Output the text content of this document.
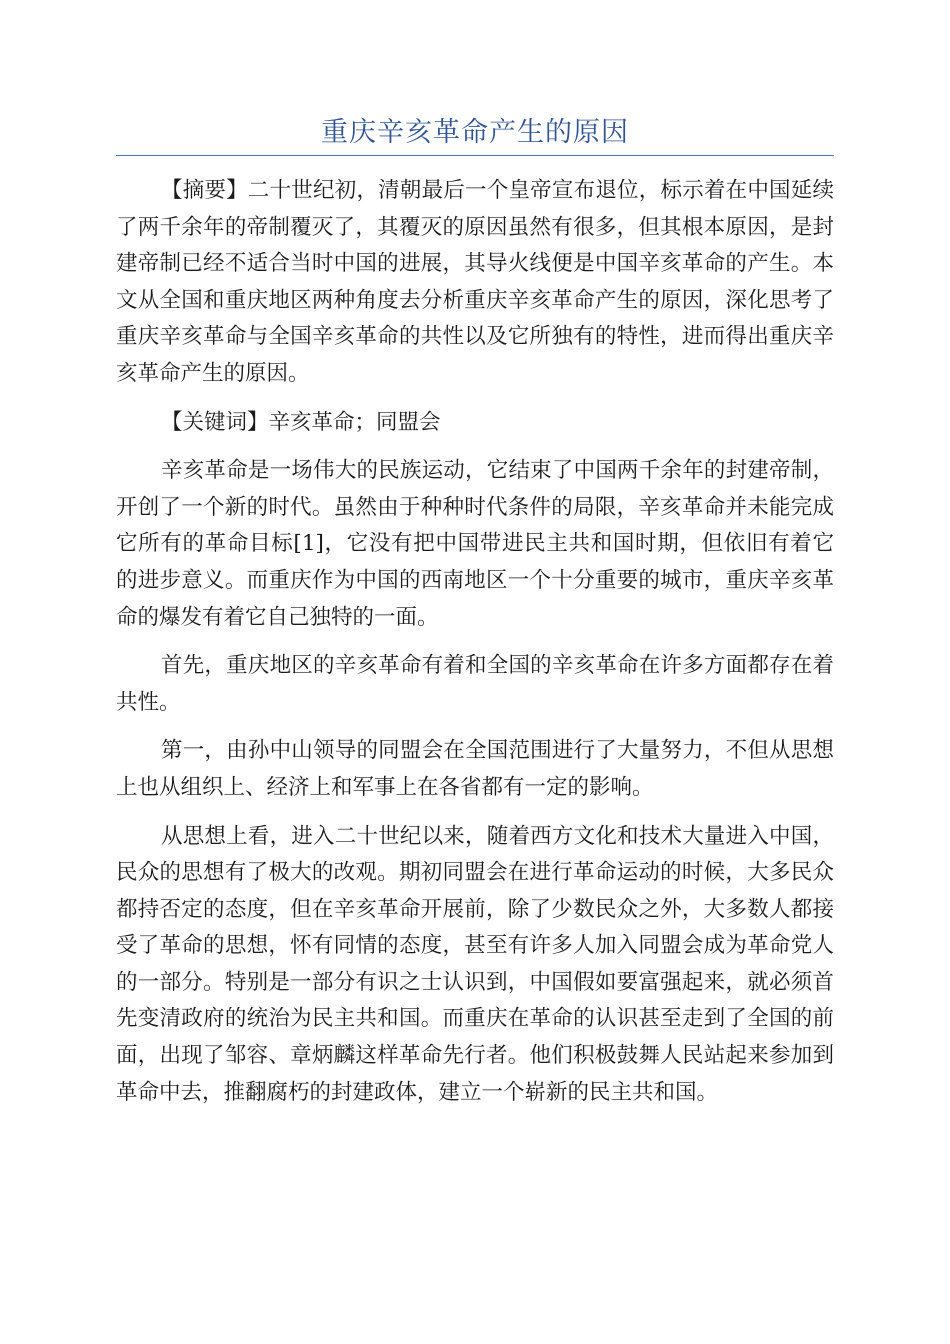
重庆辛亥革命产生的原因

【摘要】二十世纪初，清朝最后一个皇帝宣布退位，标示着在中国延续了两千余年的帝制覆灭了，其覆灭的原因虽然有很多，但其根本原因，是封建帝制已经不适合当时中国的进展，其导火线便是中国辛亥革命的产生。本文从全国和重庆地区两种角度去分析重庆辛亥革命产生的原因，深化思考了重庆辛亥革命与全国辛亥革命的共性以及它所独有的特性，进而得出重庆辛亥革命产生的原因。

【关键词】辛亥革命；同盟会

辛亥革命是一场伟大的民族运动，它结束了中国两千余年的封建帝制，开创了一个新的时代。虽然由于种种时代条件的局限，辛亥革命并未能完成它所有的革命目标[1]，它没有把中国带进民主共和国时期，但依旧有着它的进步意义。而重庆作为中国的西南地区一个十分重要的城市，重庆辛亥革命的爆发有着它自己独特的一面。

首先，重庆地区的辛亥革命有着和全国的辛亥革命在许多方面都存在着共性。

第一，由孙中山领导的同盟会在全国范围进行了大量努力，不但从思想上也从组织上、经济上和军事上在各省都有一定的影响。

从思想上看，进入二十世纪以来，随着西方文化和技术大量进入中国，民众的思想有了极大的改观。期初同盟会在进行革命运动的时候，大多民众都持否定的态度，但在辛亥革命开展前，除了少数民众之外，大多数人都接受了革命的思想，怀有同情的态度，甚至有许多人加入同盟会成为革命党人的一部分。特别是一部分有识之士认识到，中国假如要富强起来，就必须首先变清政府的统治为民主共和国。而重庆在革命的认识甚至走到了全国的前面，出现了邹容、章炳麟这样革命先行者。他们积极鼓舞人民站起来参加到革命中去，推翻腐朽的封建政体，建立一个崭新的民主共和国。
